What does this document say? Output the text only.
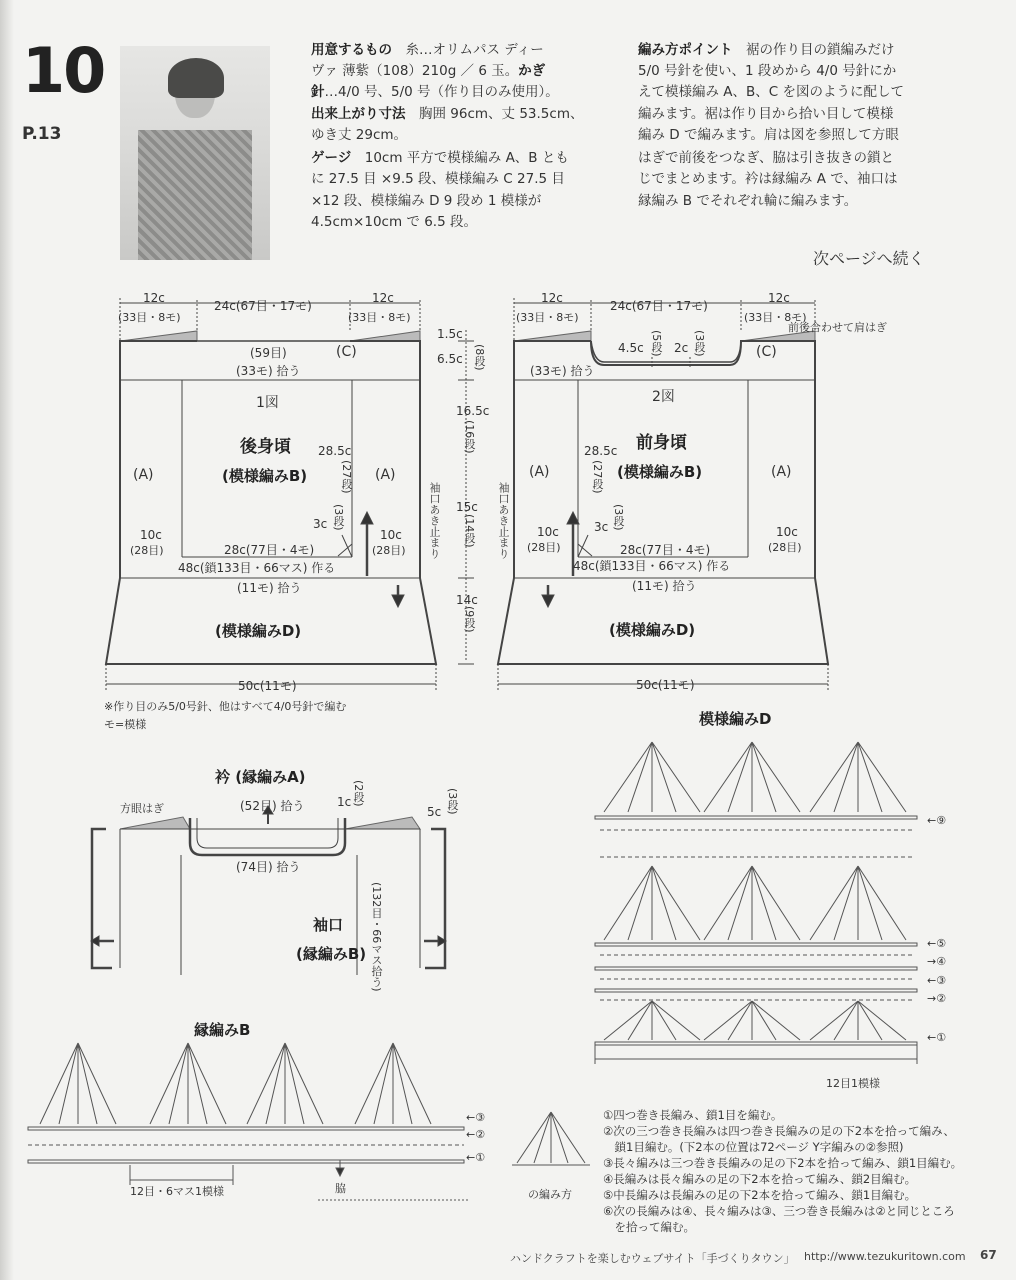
10
P.13
用意するもの　 糸…オリムパス ディー
ヴァ 薄紫（108）210g ／ 6 玉。かぎ
針…4/0 号、5/0 号（作り目のみ使用）。
出来上がり寸法　 胸囲 96cm、丈 53.5cm、
ゆき丈 29cm。
ゲージ　 10cm 平方で模様編み A、B とも
に 27.5 目 ×9.5 段、模様編み C 27.5 目
×12 段、模様編み D 9 段め 1 模様が
4.5cm×10cm で 6.5 段。
編み方ポイント　 裾の作り目の鎖編みだけ
5/0 号針を使い、1 段めから 4/0 号針にか
えて模様編み A、B、C を図のように配して
編みます。裾は作り目から拾い目して模様
編み D で編みます。肩は図を参照して方眼
はぎで前後をつなぎ、脇は引き抜きの鎖と
じでまとめます。衿は縁編み A で、袖口は
縁編み B でそれぞれ輪に編みます。
次ページへ続く
12c
(33目・8モ)
24c(67目・17モ)
12c
(33目・8モ)
(59目)	(C)
(33モ) 拾う
1図
後身頃
(模様編みB)
(A)	(A)
28.5c
(27段)
3c (3段)
10c
(28目)
10c
(28目)
28c(77目・4モ)
48c(鎖133目・66マス) 作る
(11モ) 拾う
(模様編みD)
50c(11モ)
1.5c
6.5c (8段)
16.5c
(16段)
袖口あき止まり 15c
(14段)
14c
(9段)
袖口あき止まり
12c
(33目・8モ)
24c(67目・17モ)
12c
(33目・8モ)
前後合わせて肩はぎ
4.5c (5段) 2c (3段)	(C)
(33モ) 拾う
2図
前身頃
(模様編みB)
(A)	(A)
28.5c
(27段)
3c (3段)
10c
(28目)
10c
(28目)
28c(77目・4モ)
48c(鎖133目・66マス) 作る
(11モ) 拾う
(模様編みD)
50c(11モ)
※作り目のみ5/0号針、他はすべて4/0号針で編む
モ=模様
衿 (縁編みA)
方眼はぎ	(52目) 拾う	1c (2段)
5c (3段)
(74目) 拾う
(132目・66マス拾う)
袖口
(縁編みB)
模様編みD
←⑨
←⑤
→④
←③
→②
←①
12目1模様
縁編みB
←③
←②
←①
12目・6マス1模様	脇	の編み方
①四つ巻き長編み、鎖1目を編む。
②次の三つ巻き長編みは四つ巻き長編みの足の下2本を拾って編み、
　鎖1目編む。(下2本の位置は72ページ Y字編みの②参照)
③長々編みは三つ巻き長編みの足の下2本を拾って編み、鎖1目編む。
④長編みは長々編みの足の下2本を拾って編み、鎖2目編む。
⑤中長編みは長編みの足の下2本を拾って編み、鎖1目編む。
⑥次の長編みは④、長々編みは③、三つ巻き長編みは②と同じところ
　を拾って編む。
ハンドクラフトを楽しむウェブサイト「手づくりタウン」 http://www.tezukuritown.com 67
